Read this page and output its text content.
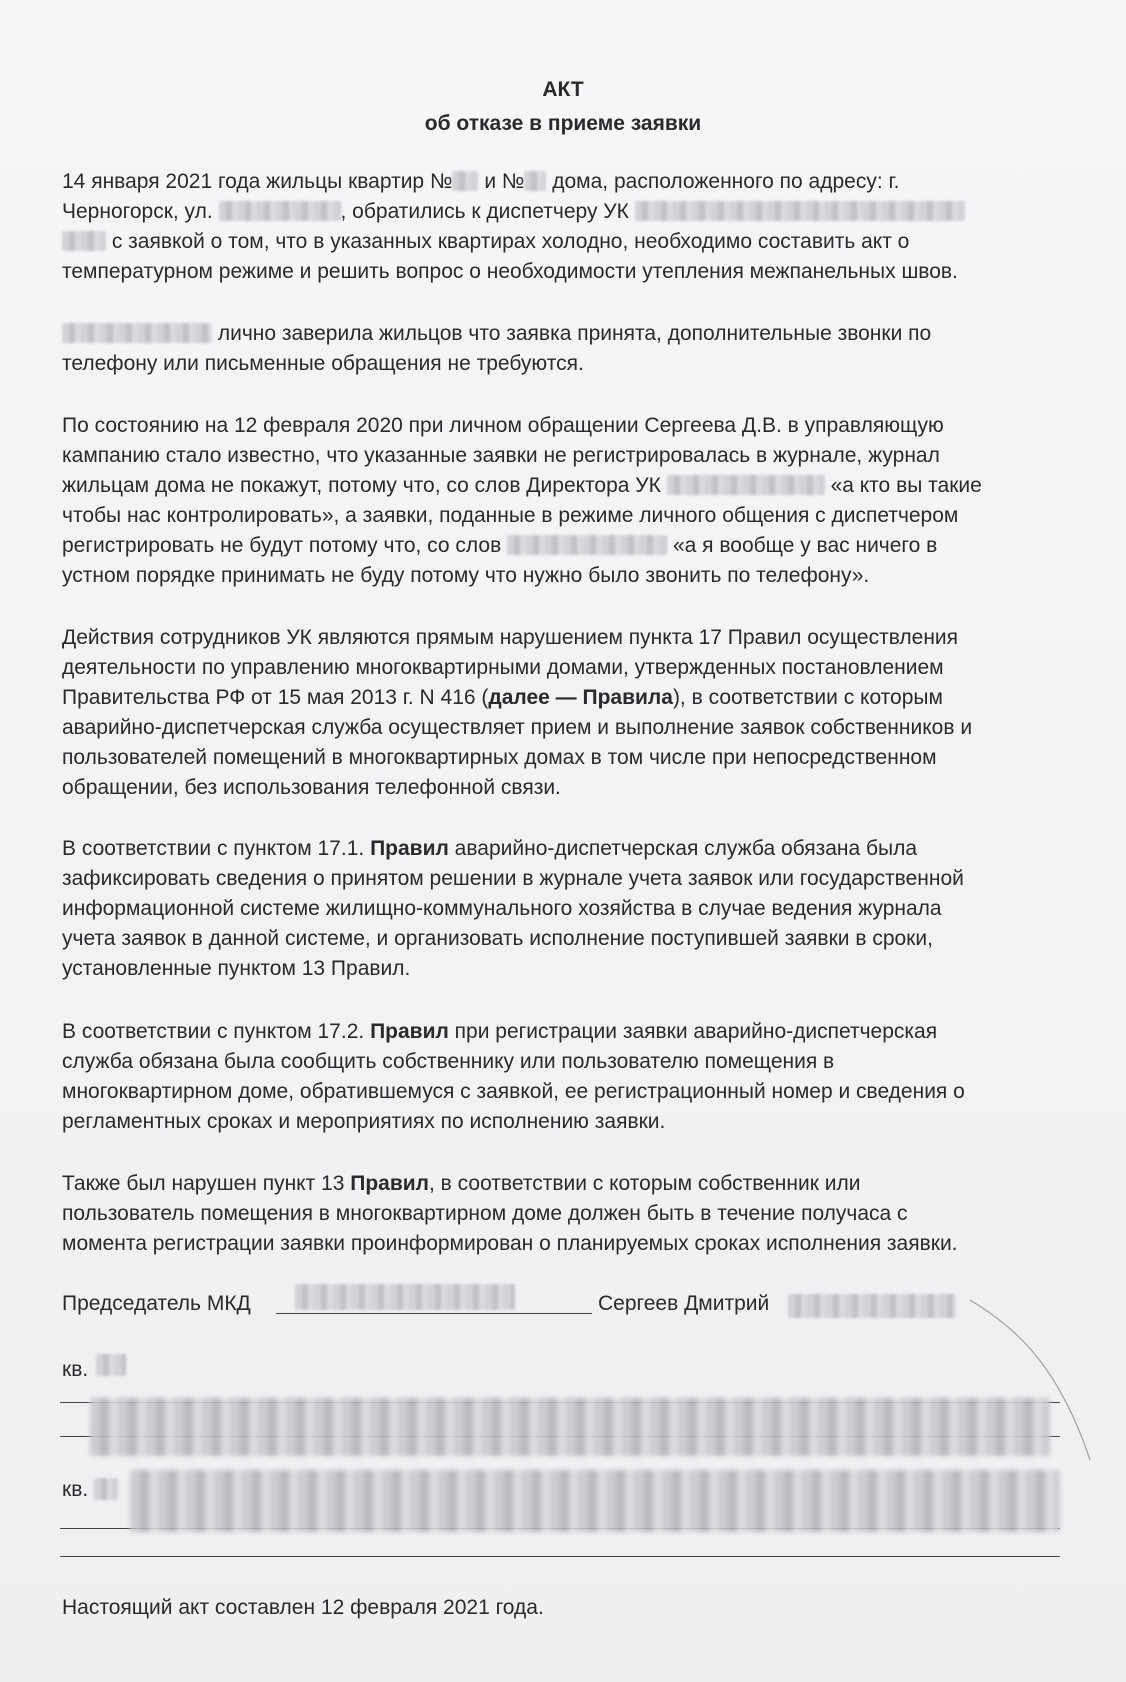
АКТ
об отказе в приеме заявки
14 января 2021 года жильцы квартир № и № дома, расположенного по адресу: г.
Черногорск, ул.	, обратились к диспетчеру УК
с заявкой о том, что в указанных квартирах холодно, необходимо составить акт о
температурном режиме и решить вопрос о необходимости утепления межпанельных швов.
лично заверила жильцов что заявка принята, дополнительные звонки по
телефону или письменные обращения не требуются.
По состоянию на 12 февраля 2020 при личном обращении Сергеева Д.В. в управляющую
кампанию стало известно, что указанные заявки не регистрировалась в журнале, журнал
жильцам дома не покажут, потому что, со слов Директора УК	«а кто вы такие
чтобы нас контролировать», а заявки, поданные в режиме личного общения с диспетчером
регистрировать не будут потому что, со слов	«а я вообще у вас ничего в
устном порядке принимать не буду потому что нужно было звонить по телефону».
Действия сотрудников УК являются прямым нарушением пункта 17 Правил осуществления
деятельности по управлению многоквартирными домами, утвержденных постановлением
Правительства РФ от 15 мая 2013 г. N 416 (далее — Правила), в соответствии с которым
аварийно-диспетчерская служба осуществляет прием и выполнение заявок собственников и
пользователей помещений в многоквартирных домах в том числе при непосредственном
обращении, без использования телефонной связи.
В соответствии с пунктом 17.1. Правил аварийно-диспетчерская служба обязана была
зафиксировать сведения о принятом решении в журнале учета заявок или государственной
информационной системе жилищно-коммунального хозяйства в случае ведения журнала
учета заявок в данной системе, и организовать исполнение поступившей заявки в сроки,
установленные пунктом 13 Правил.
В соответствии с пунктом 17.2. Правил при регистрации заявки аварийно-диспетчерская
служба обязана была сообщить собственнику или пользователю помещения в
многоквартирном доме, обратившемуся с заявкой, ее регистрационный номер и сведения о
регламентных сроках и мероприятиях по исполнению заявки.
Также был нарушен пункт 13 Правил, в соответствии с которым собственник или
пользователь помещения в многоквартирном доме должен быть в течение получаса с
момента регистрации заявки проинформирован о планируемых сроках исполнения заявки.
Председатель МКД	Сергеев Дмитрий
кв.
кв.
Настоящий акт составлен 12 февраля 2021 года.
